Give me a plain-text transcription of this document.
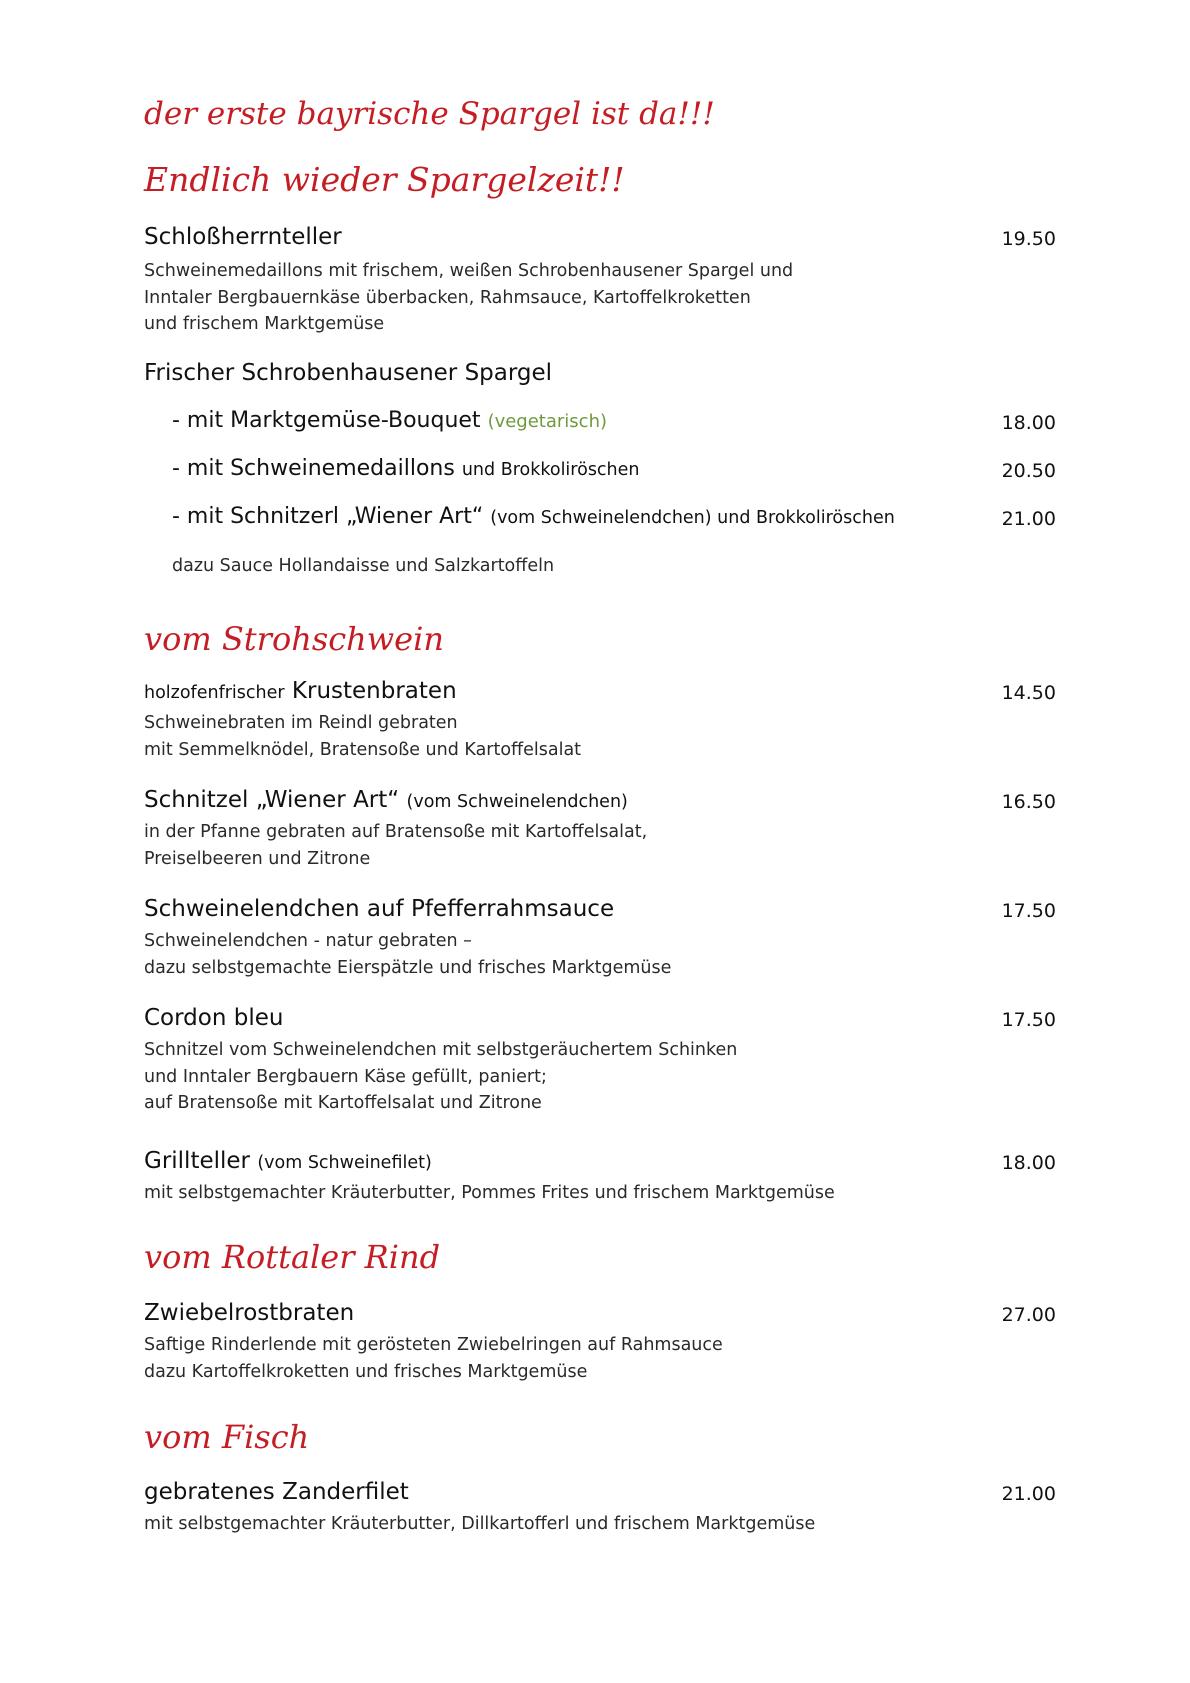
der erste bayrische Spargel ist da!!!
Endlich wieder Spargelzeit!!
Schloßherrnteller	19.50
Schweinemedaillons mit frischem, weißen Schrobenhausener Spargel und
Inntaler Bergbauernkäse überbacken, Rahmsauce, Kartoffelkroketten
und frischem Marktgemüse
Frischer Schrobenhausener Spargel
- mit Marktgemüse-Bouquet (vegetarisch)	18.00
- mit Schweinemedaillons und Brokkoliröschen	20.50
- mit Schnitzerl „Wiener Art“ (vom Schweinelendchen) und Brokkoliröschen	21.00
dazu Sauce Hollandaisse und Salzkartoffeln
vom Strohschwein
holzofenfrischer Krustenbraten	14.50
Schweinebraten im Reindl gebraten
mit Semmelknödel, Bratensoße und Kartoffelsalat
Schnitzel „Wiener Art“ (vom Schweinelendchen)	16.50
in der Pfanne gebraten auf Bratensoße mit Kartoffelsalat,
Preiselbeeren und Zitrone
Schweinelendchen auf Pfefferrahmsauce	17.50
Schweinelendchen - natur gebraten –
dazu selbstgemachte Eierspätzle und frisches Marktgemüse
Cordon bleu	17.50
Schnitzel vom Schweinelendchen mit selbstgeräuchertem Schinken
und Inntaler Bergbauern Käse gefüllt, paniert;
auf Bratensoße mit Kartoffelsalat und Zitrone
Grillteller (vom Schweinefilet)	18.00
mit selbstgemachter Kräuterbutter, Pommes Frites und frischem Marktgemüse
vom Rottaler Rind
Zwiebelrostbraten	27.00
Saftige Rinderlende mit gerösteten Zwiebelringen auf Rahmsauce
dazu Kartoffelkroketten und frisches Marktgemüse
vom Fisch
gebratenes Zanderfilet	21.00
mit selbstgemachter Kräuterbutter, Dillkartofferl und frischem Marktgemüse
